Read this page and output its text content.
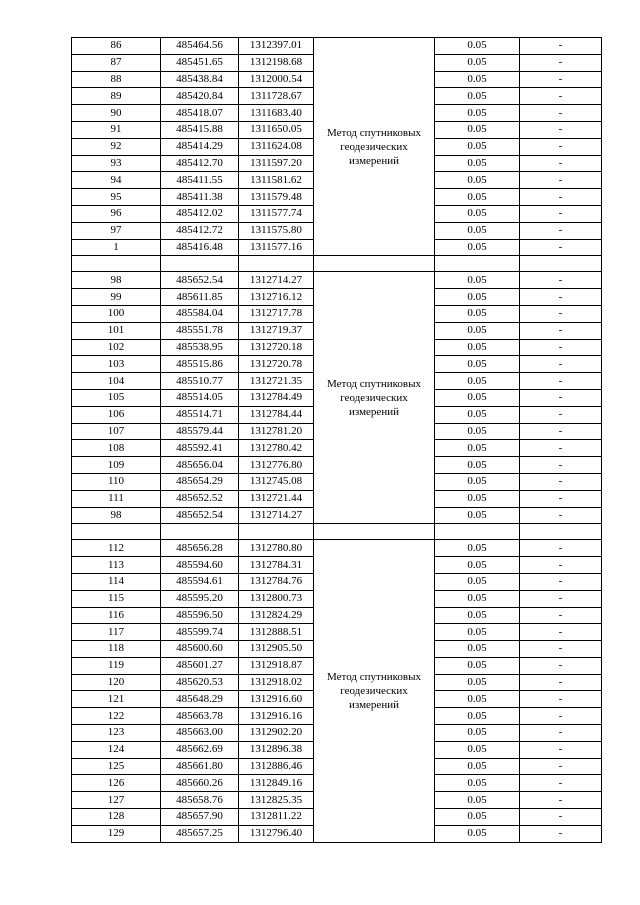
86	485464.56	1312397.01	Метод спутниковых геодезических измерений	0.05	-
87	485451.65	1312198.68		0.05	-
88	485438.84	1312000.54		0.05	-
89	485420.84	1311728.67		0.05	-
90	485418.07	1311683.40		0.05	-
91	485415.88	1311650.05		0.05	-
92	485414.29	1311624.08		0.05	-
93	485412.70	1311597.20		0.05	-
94	485411.55	1311581.62		0.05	-
95	485411.38	1311579.48		0.05	-
96	485412.02	1311577.74		0.05	-
97	485412.72	1311575.80		0.05	-
1	485416.48	1311577.16		0.05	-

98	485652.54	1312714.27	Метод спутниковых геодезических измерений	0.05	-
99	485611.85	1312716.12		0.05	-
100	485584.04	1312717.78		0.05	-
101	485551.78	1312719.37		0.05	-
102	485538.95	1312720.18		0.05	-
103	485515.86	1312720.78		0.05	-
104	485510.77	1312721.35		0.05	-
105	485514.05	1312784.49		0.05	-
106	485514.71	1312784.44		0.05	-
107	485579.44	1312781.20		0.05	-
108	485592.41	1312780.42		0.05	-
109	485656.04	1312776.80		0.05	-
110	485654.29	1312745.08		0.05	-
111	485652.52	1312721.44		0.05	-
98	485652.54	1312714.27		0.05	-

112	485656.28	1312780.80	Метод спутниковых геодезических измерений	0.05	-
113	485594.60	1312784.31		0.05	-
114	485594.61	1312784.76		0.05	-
115	485595.20	1312800.73		0.05	-
116	485596.50	1312824.29		0.05	-
117	485599.74	1312888.51		0.05	-
118	485600.60	1312905.50		0.05	-
119	485601.27	1312918.87		0.05	-
120	485620.53	1312918.02		0.05	-
121	485648.29	1312916.60		0.05	-
122	485663.78	1312916.16		0.05	-
123	485663.00	1312902.20		0.05	-
124	485662.69	1312896.38		0.05	-
125	485661.80	1312886.46		0.05	-
126	485660.26	1312849.16		0.05	-
127	485658.76	1312825.35		0.05	-
128	485657.90	1312811.22		0.05	-
129	485657.25	1312796.40		0.05	-
